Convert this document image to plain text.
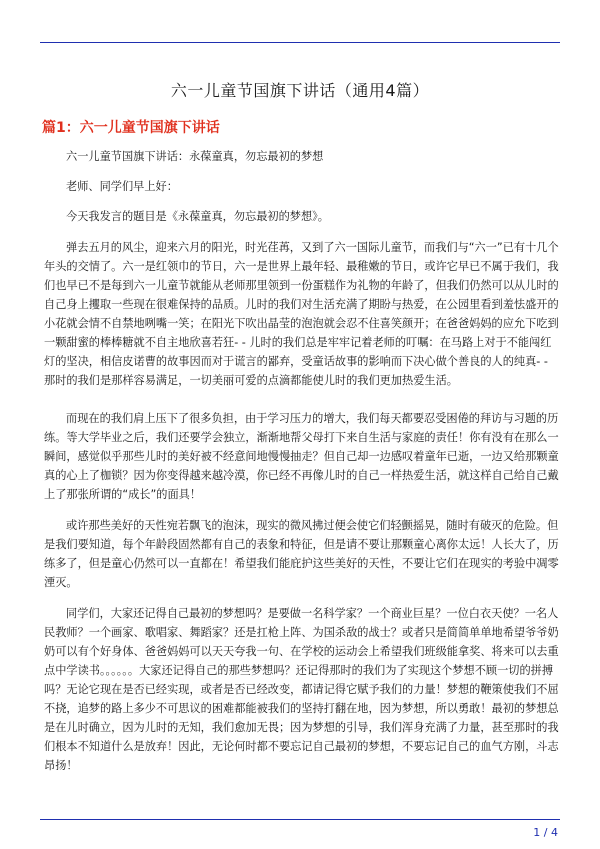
六一儿童节国旗下讲话（通用4篇）
篇1：六一儿童节国旗下讲话

六一儿童节国旗下讲话：永葆童真，勿忘最初的梦想

老师、同学们早上好：

今天我发言的题目是《永葆童真，勿忘最初的梦想》。

弹去五月的风尘，迎来六月的阳光，时光荏苒，又到了六一国际儿童节，而我们与“六一”已有十几个年头的交情了。六一是红领巾的节日，六一是世界上最年轻、最稚嫩的节日，或许它早已不属于我们，我们也早已不是每到六一儿童节就能从老师那里领到一份蛋糕作为礼物的年龄了，但我们仍然可以从儿时的自己身上攫取一些现在很难保持的品质。儿时的我们对生活充满了期盼与热爱，在公园里看到羞怯盛开的小花就会情不自禁地咧嘴一笑；在阳光下吹出晶莹的泡泡就会忍不住喜笑颜开；在爸爸妈妈的应允下吃到一颗甜蜜的棒棒糖就不自主地欣喜若狂- - 儿时的我们总是牢牢记着老师的叮嘱：在马路上对于不能闯红灯的坚决，相信皮诺曹的故事因而对于谎言的鄙弃，受童话故事的影响而下决心做个善良的人的纯真- - 那时的我们是那样容易满足，一切美丽可爱的点滴都能使儿时的我们更加热爱生活。

而现在的我们肩上压下了很多负担，由于学习压力的增大，我们每天都要忍受困倦的拜访与习题的历练。等大学毕业之后，我们还要学会独立，渐渐地帮父母打下来自生活与家庭的责任！你有没有在那么一瞬间，感觉似乎那些儿时的美好被不经意间地慢慢抽走？但自己却一边感叹着童年已逝，一边又给那颗童真的心上了枷锁？因为你变得越来越冷漠，你已经不再像儿时的自己一样热爱生活，就这样自己给自己戴上了那张所谓的“成长”的面具！

或许那些美好的天性宛若飘飞的泡沫，现实的微风拂过便会使它们轻颤摇晃，随时有破灭的危险。但是我们要知道，每个年龄段固然都有自己的表象和特征，但是请不要让那颗童心离你太远！人长大了，历练多了，但是童心仍然可以一直都在！希望我们能庇护这些美好的天性，不要让它们在现实的考验中凋零湮灭。

同学们，大家还记得自己最初的梦想吗？是要做一名科学家？一个商业巨星？一位白衣天使？一名人民教师？一个画家、歌唱家、舞蹈家？还是扛枪上阵、为国杀敌的战士？或者只是简简单单地希望爷爷奶奶可以有个好身体、爸爸妈妈可以天天夸我一句、在学校的运动会上希望我们班级能拿奖、将来可以去重点中学读书。。。。。。大家还记得自己的那些梦想吗？还记得那时的我们为了实现这个梦想不顾一切的拼搏吗？无论它现在是否已经实现，或者是否已经改变，都请记得它赋予我们的力量！梦想的鞭策使我们不屈不挠，追梦的路上多少不可思议的困难都能被我们的坚持打翻在地，因为梦想，所以勇敢！最初的梦想总是在儿时确立，因为儿时的无知，我们愈加无畏；因为梦想的引导，我们浑身充满了力量，甚至那时的我们根本不知道什么是放弃！因此，无论何时都不要忘记自己最初的梦想，不要忘记自己的血气方刚，斗志昂扬！

1 / 4
